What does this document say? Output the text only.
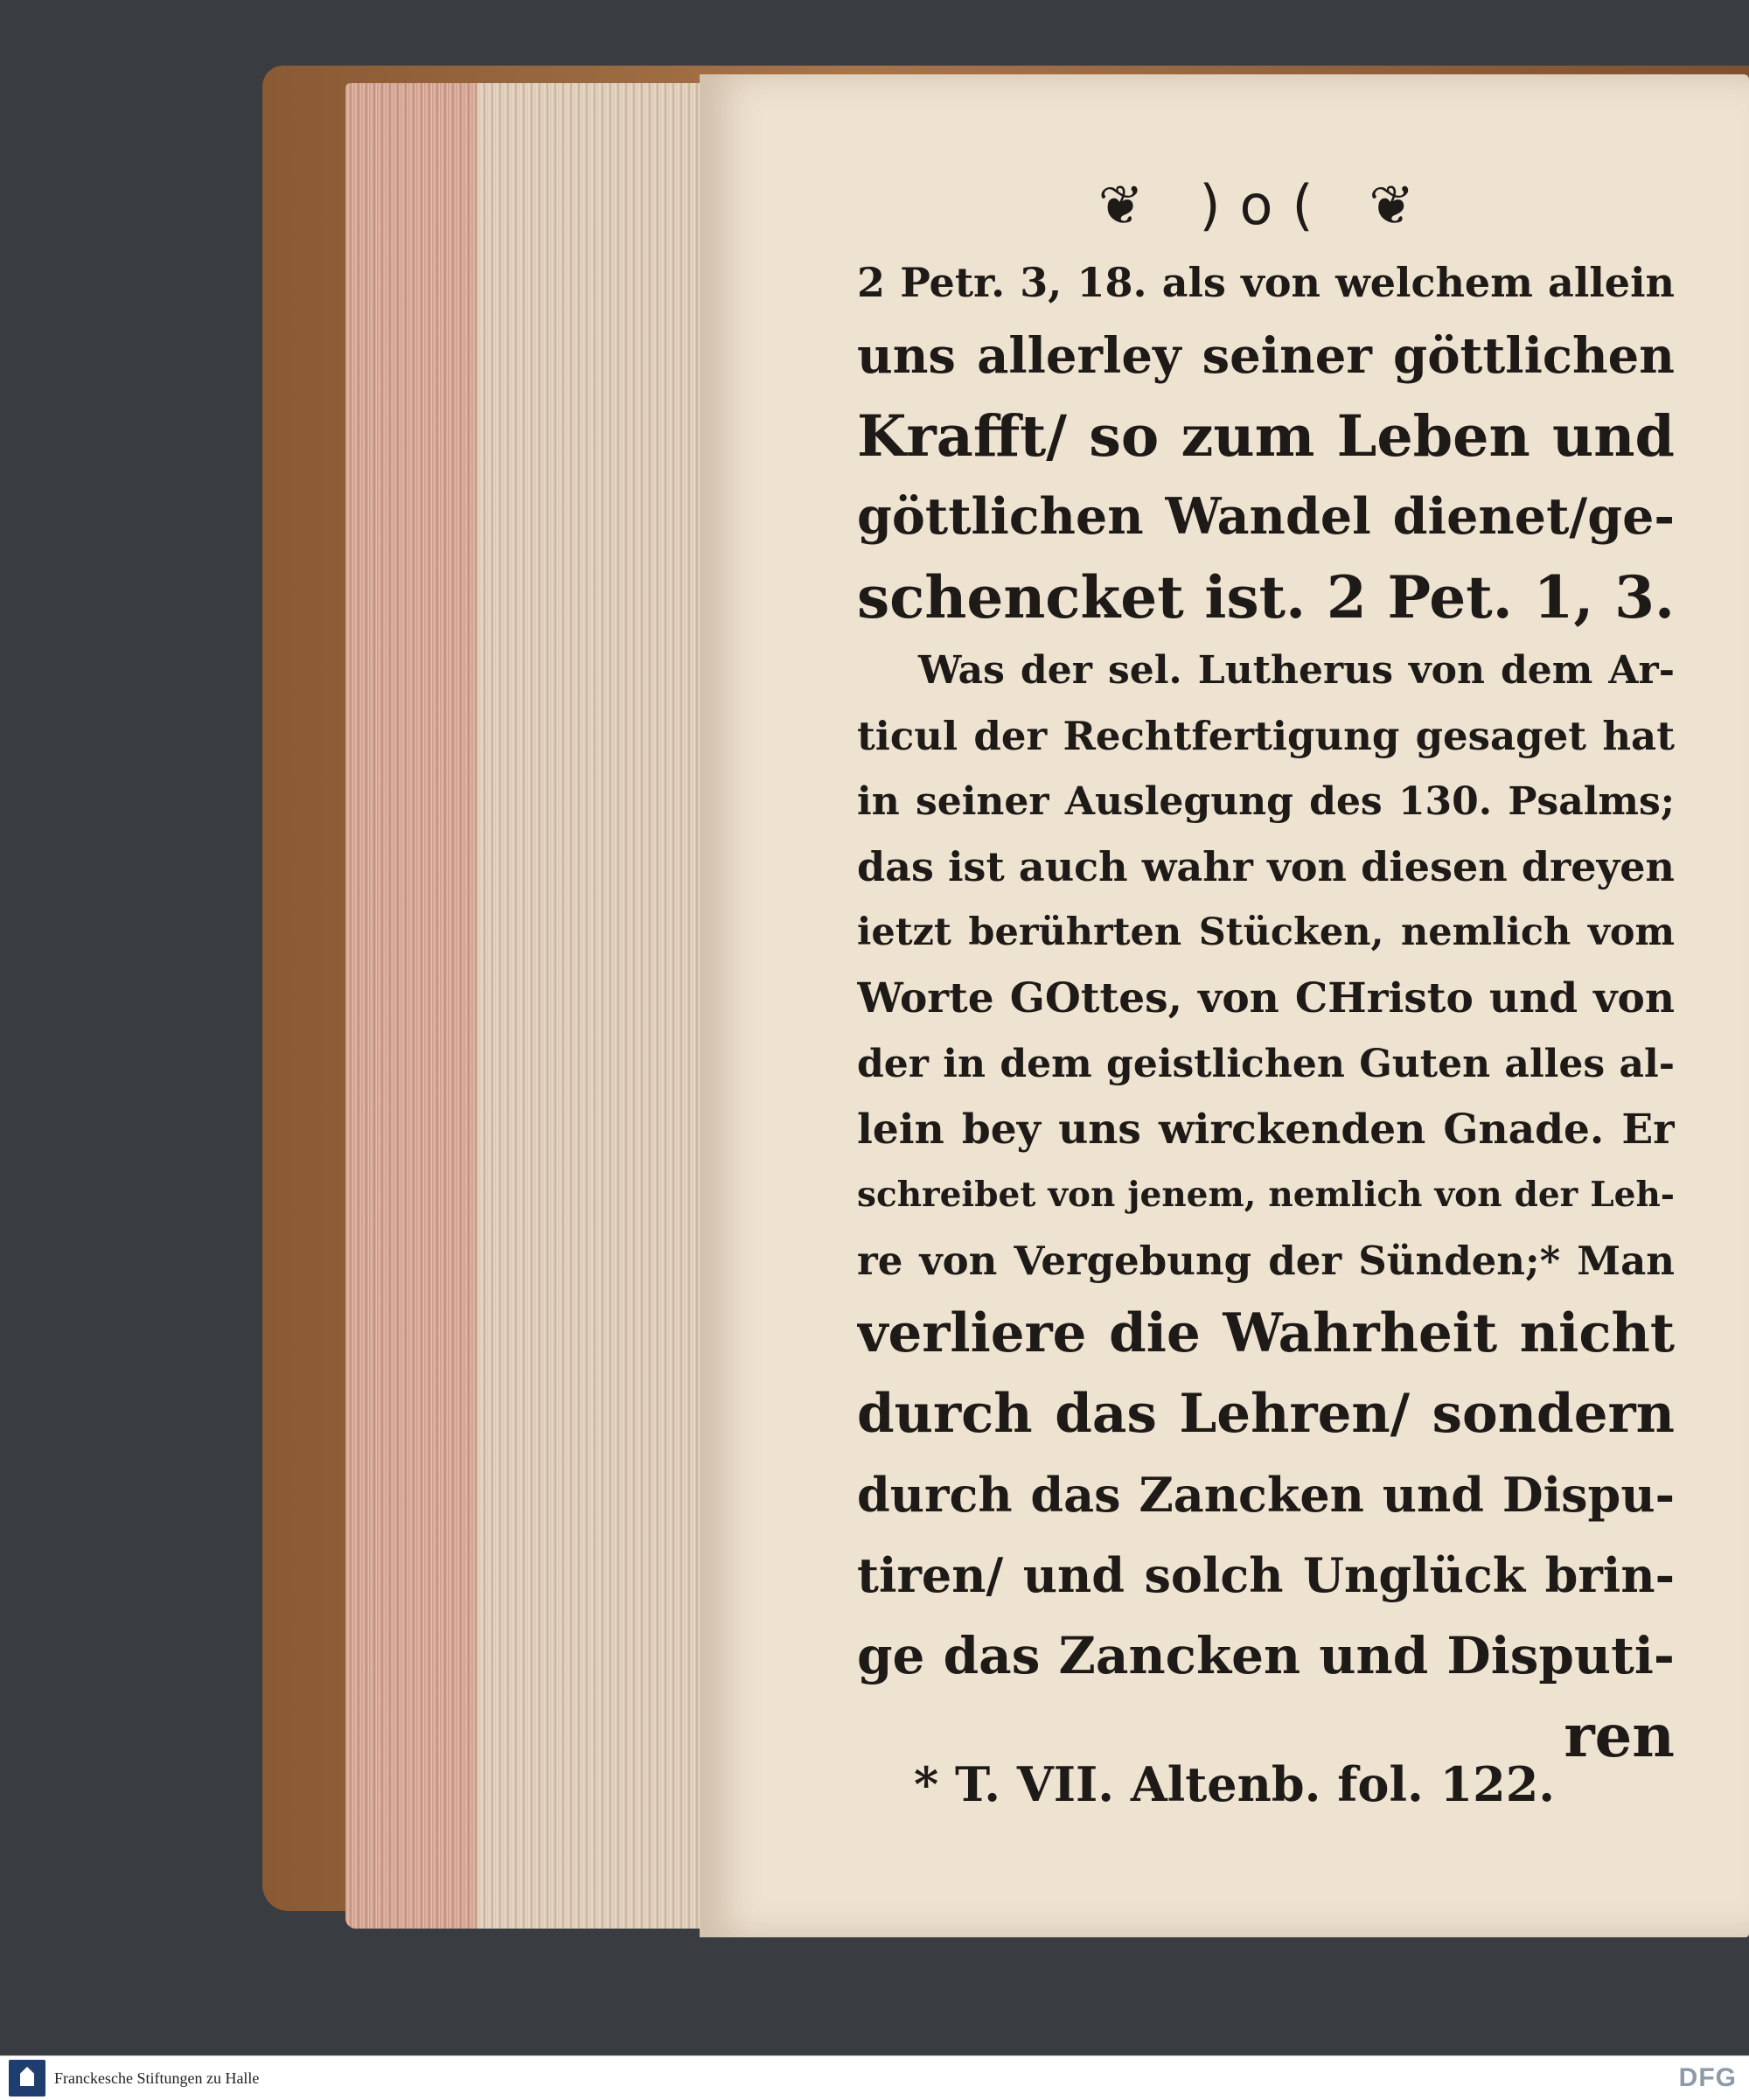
❦ )o( ❦
2 Petr. 3, 18. als von welchem allein
uns allerley seiner göttlichen
Krafft/ so zum Leben und
göttlichen Wandel dienet/ge-
schencket ist. 2 Pet. 1, 3.
Was der sel. Lutherus von dem Ar-
ticul der Rechtfertigung gesaget hat
in seiner Auslegung des 130. Psalms;
das ist auch wahr von diesen dreyen
ietzt berührten Stücken, nemlich vom
Worte GOttes, von CHristo und von
der in dem geistlichen Guten alles al-
lein bey uns wirckenden Gnade. Er
schreibet von jenem, nemlich von der Leh-
re von Vergebung der Sünden;* Man
verliere die Wahrheit nicht
durch das Lehren/ sondern
durch das Zancken und Dispu-
tiren/ und solch Unglück brin-
ge das Zancken und Disputi-
ren
* T. VII. Altenb. fol. 122.
Franckesche Stiftungen zu Halle	DFG
